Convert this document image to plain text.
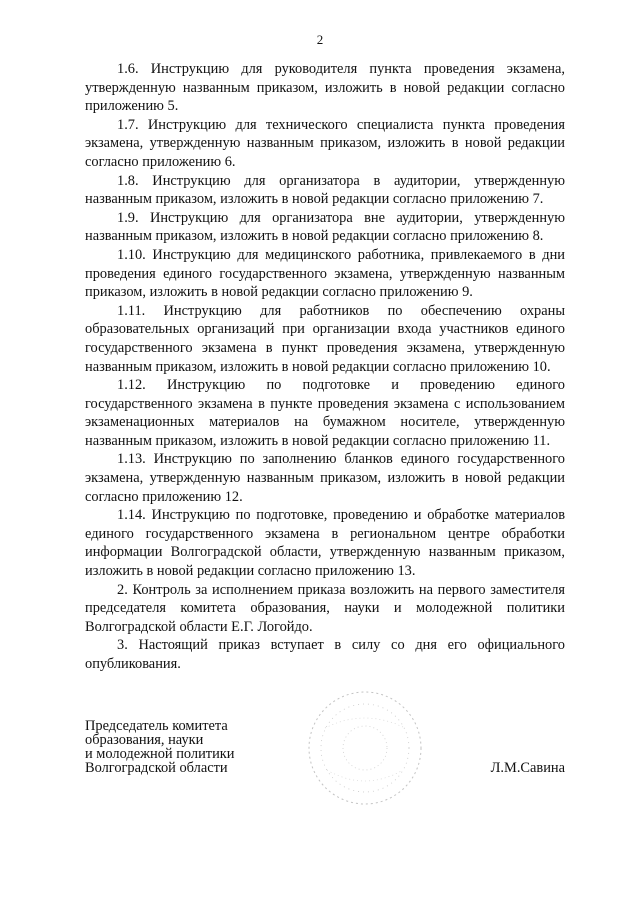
2

1.6. Инструкцию для руководителя пункта проведения экзамена, утвержденную названным приказом, изложить в новой редакции согласно приложению 5.

1.7. Инструкцию для технического специалиста пункта проведения экзамена, утвержденную названным приказом, изложить в новой редакции согласно приложению 6.

1.8. Инструкцию для организатора в аудитории, утвержденную названным приказом, изложить в новой редакции согласно приложению 7.

1.9. Инструкцию для организатора вне аудитории, утвержденную названным приказом, изложить в новой редакции согласно приложению 8.

1.10. Инструкцию для медицинского работника, привлекаемого в дни проведения единого государственного экзамена, утвержденную названным приказом, изложить в новой редакции согласно приложению 9.

1.11. Инструкцию для работников по обеспечению охраны образовательных организаций при организации входа участников единого государственного экзамена в пункт проведения экзамена, утвержденную названным приказом, изложить в новой редакции согласно приложению 10.

1.12. Инструкцию по подготовке и проведению единого государственного экзамена в пункте проведения экзамена с использованием экзаменационных материалов на бумажном носителе, утвержденную названным приказом, изложить в новой редакции согласно приложению 11.

1.13. Инструкцию по заполнению бланков единого государственного экзамена, утвержденную названным приказом, изложить в новой редакции согласно приложению 12.

1.14. Инструкцию по подготовке, проведению и обработке материалов единого государственного экзамена в региональном центре обработки информации Волгоградской области, утвержденную названным приказом, изложить в новой редакции согласно приложению 13.

2. Контроль за исполнением приказа возложить на первого заместителя председателя комитета образования, науки и молодежной политики Волгоградской области Е.Г. Логойдо.

3. Настоящий приказ вступает в силу со дня его официального опубликования.

Председатель комитета
образования, науки
и молодежной политики
Волгоградской области	Л.М.Савина
